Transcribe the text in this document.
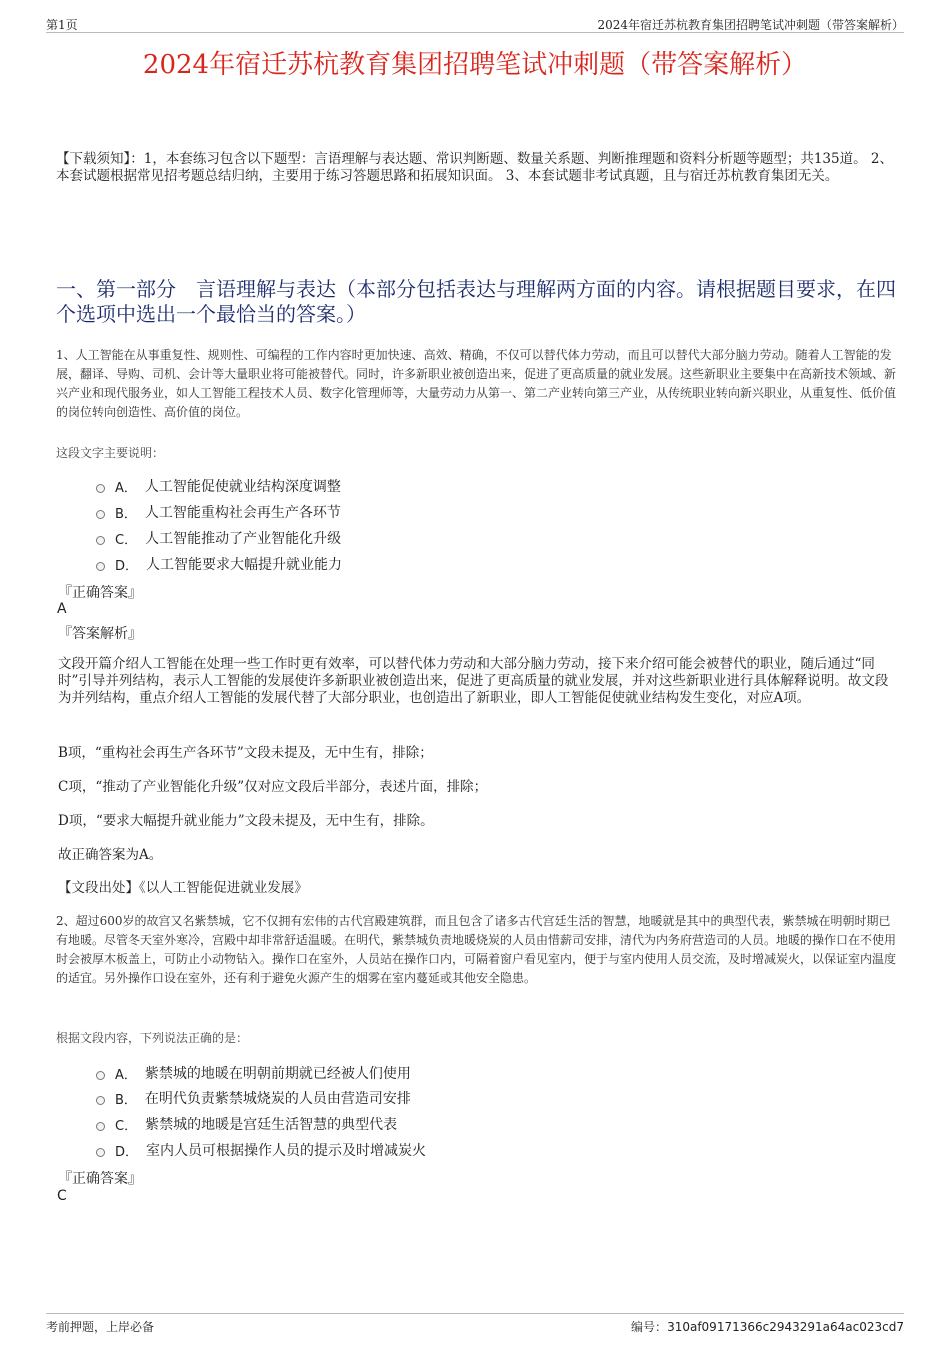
第1页	2024年宿迁苏杭教育集团招聘笔试冲刺题（带答案解析）
2024年宿迁苏杭教育集团招聘笔试冲刺题（带答案解析）
【下载须知】：1，本套练习包含以下题型：言语理解与表达题、常识判断题、数量关系题、判断推理题和资料分析题等题型；共135道。 2、本套试题根据常见招考题总结归纳，主要用于练习答题思路和拓展知识面。 3、本套试题非考试真题，且与宿迁苏杭教育集团无关。
一、第一部分　言语理解与表达（本部分包括表达与理解两方面的内容。请根据题目要求，在四个选项中选出一个最恰当的答案。）
1、人工智能在从事重复性、规则性、可编程的工作内容时更加快速、高效、精确，不仅可以替代体力劳动，而且可以替代大部分脑力劳动。随着人工智能的发展，翻译、导购、司机、会计等大量职业将可能被替代。同时，许多新职业被创造出来，促进了更高质量的就业发展。这些新职业主要集中在高新技术领域、新兴产业和现代服务业，如人工智能工程技术人员、数字化管理师等，大量劳动力从第一、第二产业转向第三产业，从传统职业转向新兴职业，从重复性、低价值的岗位转向创造性、高价值的岗位。
这段文字主要说明：
A． 人工智能促使就业结构深度调整
B． 人工智能重构社会再生产各环节
C． 人工智能推动了产业智能化升级
D． 人工智能要求大幅提升就业能力
『正确答案』
A
『答案解析』
文段开篇介绍人工智能在处理一些工作时更有效率，可以替代体力劳动和大部分脑力劳动，接下来介绍可能会被替代的职业，随后通过“同时”引导并列结构，表示人工智能的发展使许多新职业被创造出来，促进了更高质量的就业发展，并对这些新职业进行具体解释说明。故文段为并列结构，重点介绍人工智能的发展代替了大部分职业，也创造出了新职业，即人工智能促使就业结构发生变化，对应A项。
B项，“重构社会再生产各环节”文段未提及，无中生有，排除；
C项，“推动了产业智能化升级”仅对应文段后半部分，表述片面，排除；
D项，“要求大幅提升就业能力”文段未提及，无中生有，排除。
故正确答案为A。
【文段出处】《以人工智能促进就业发展》
2、超过600岁的故宫又名紫禁城，它不仅拥有宏伟的古代宫殿建筑群，而且包含了诸多古代宫廷生活的智慧，地暖就是其中的典型代表，紫禁城在明朝时期已有地暖。尽管冬天室外寒冷，宫殿中却非常舒适温暖。在明代，紫禁城负责地暖烧炭的人员由惜薪司安排，清代为内务府营造司的人员。地暖的操作口在不使用时会被厚木板盖上，可防止小动物钻入。操作口在室外，人员站在操作口内，可隔着窗户看见室内，便于与室内使用人员交流，及时增减炭火，以保证室内温度的适宜。另外操作口设在室外，还有利于避免火源产生的烟雾在室内蔓延或其他安全隐患。
根据文段内容，下列说法正确的是：
A． 紫禁城的地暖在明朝前期就已经被人们使用
B． 在明代负责紫禁城烧炭的人员由营造司安排
C． 紫禁城的地暖是宫廷生活智慧的典型代表
D． 室内人员可根据操作人员的提示及时增减炭火
『正确答案』
C
考前押题，上岸必备	编号：310af09171366c2943291a64ac023cd7
